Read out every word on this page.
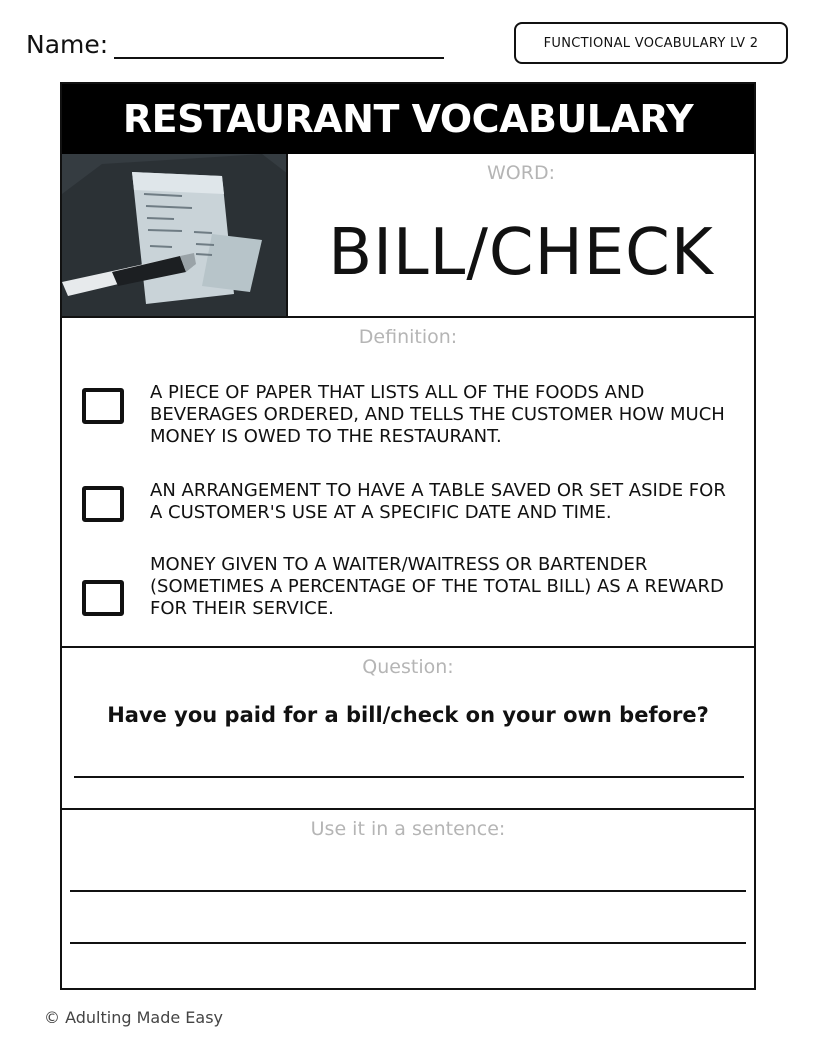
Name:	FUNCTIONAL VOCABULARY LV 2
RESTAURANT VOCABULARY
WORD:
BILL/CHECK
Definition:
A PIECE OF PAPER THAT LISTS ALL OF THE FOODS AND BEVERAGES ORDERED, AND TELLS THE CUSTOMER HOW MUCH MONEY IS OWED TO THE RESTAURANT.
AN ARRANGEMENT TO HAVE A TABLE SAVED OR SET ASIDE FOR A CUSTOMER'S USE AT A SPECIFIC DATE AND TIME.
MONEY GIVEN TO A WAITER/WAITRESS OR BARTENDER (SOMETIMES A PERCENTAGE OF THE TOTAL BILL) AS A REWARD FOR THEIR SERVICE.
Question:
Have you paid for a bill/check on your own before?
Use it in a sentence:
© Adulting Made Easy
